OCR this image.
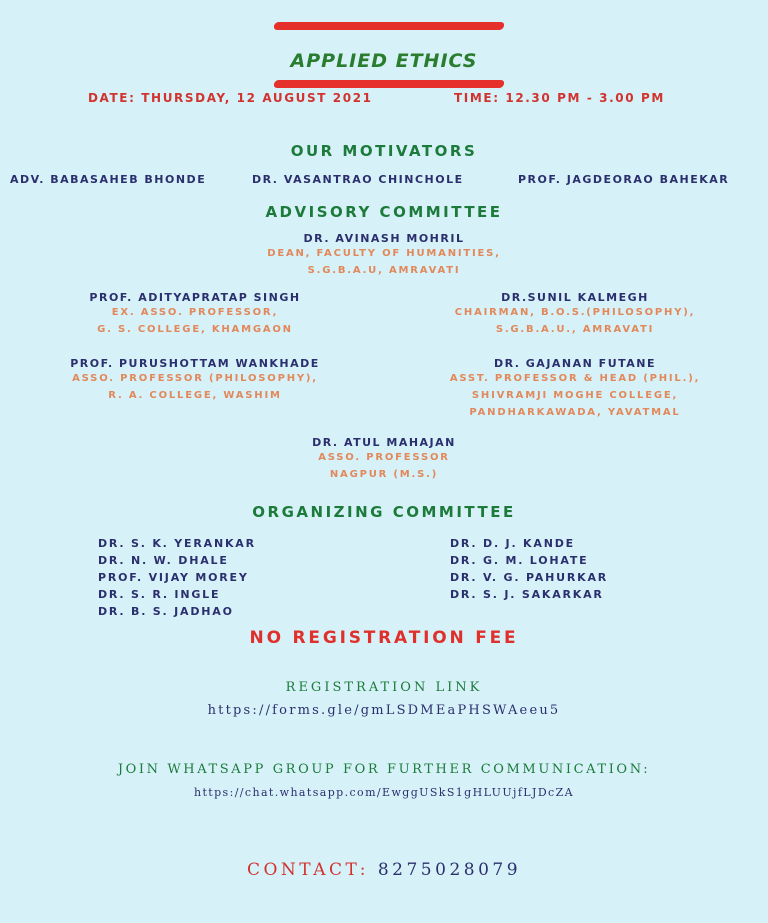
APPLIED ETHICS
DATE: THURSDAY, 12 AUGUST 2021	TIME: 12.30 PM - 3.00 PM
OUR MOTIVATORS
ADV. BABASAHEB BHONDE	DR. VASANTRAO CHINCHOLE	PROF. JAGDEORAO BAHEKAR
ADVISORY COMMITTEE
DR. AVINASH MOHRIL
DEAN, FACULTY OF HUMANITIES,
S.G.B.A.U, AMRAVATI
PROF. ADITYAPRATAP SINGH
EX. ASSO. PROFESSOR,
G. S. COLLEGE, KHAMGAON
DR.SUNIL KALMEGH
CHAIRMAN, B.O.S.(PHILOSOPHY),
S.G.B.A.U., AMRAVATI
PROF. PURUSHOTTAM WANKHADE
ASSO. PROFESSOR (PHILOSOPHY),
R. A. COLLEGE, WASHIM
DR. GAJANAN FUTANE
ASST. PROFESSOR & HEAD (PHIL.),
SHIVRAMJI MOGHE COLLEGE,
PANDHARKAWADA, YAVATMAL
DR. ATUL MAHAJAN
ASSO. PROFESSOR
NAGPUR (M.S.)
ORGANIZING COMMITTEE
DR. S. K. YERANKAR
DR. N. W. DHALE
PROF. VIJAY MOREY
DR. S. R. INGLE
DR. B. S. JADHAO
DR. D. J. KANDE
DR. G. M. LOHATE
DR. V. G. PAHURKAR
DR. S. J. SAKARKAR
NO REGISTRATION FEE
REGISTRATION LINK
https://forms.gle/gmLSDMEaPHSWAeeu5
JOIN WHATSAPP GROUP FOR FURTHER COMMUNICATION:
https://chat.whatsapp.com/EwggUSkS1gHLUUjfLJDcZA
CONTACT: 8275028079
